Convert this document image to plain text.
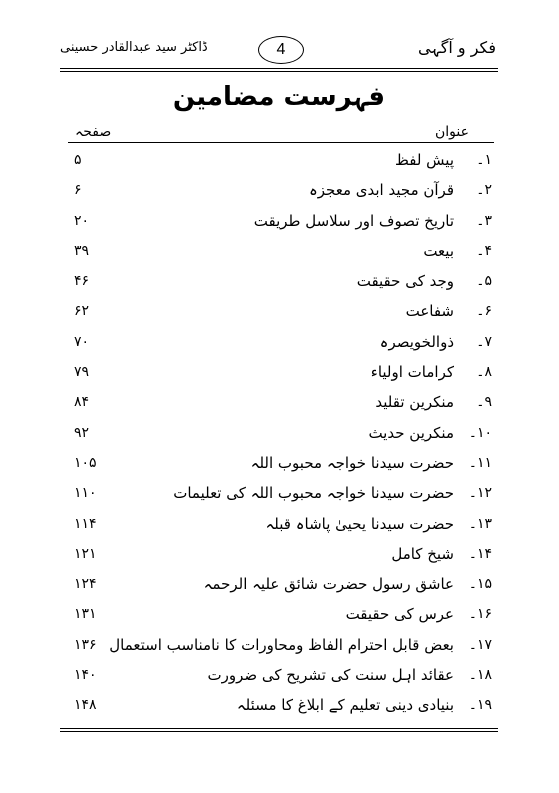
فکر و آگہی
4
ڈاکٹر سید عبدالقادر حسینی
فہرست مضامین
عنوان
صفحہ
۱۔
پیش لفظ
۵
۲۔
قرآن مجید ابدی معجزہ
۶
۳۔
تاریخ تصوف اور سلاسل طریقت
۲۰
۴۔
بیعت
۳۹
۵۔
وجد کی حقیقت
۴۶
۶۔
شفاعت
۶۲
۷۔
ذوالخویصرہ
۷۰
۸۔
کرامات اولیاء
۷۹
۹۔
منکرین تقلید
۸۴
۱۰۔
منکرین حدیث
۹۲
۱۱۔
حضرت سیدنا خواجہ محبوب اللہ
۱۰۵
۱۲۔
حضرت سیدنا خواجہ محبوب اللہ کی تعلیمات
۱۱۰
۱۳۔
حضرت سیدنا یحییٰ پاشاہ قبلہ
۱۱۴
۱۴۔
شیخ کامل
۱۲۱
۱۵۔
عاشق رسول حضرت شائق علیہ الرحمہ
۱۲۴
۱۶۔
عرس کی حقیقت
۱۳۱
۱۷۔
بعض قابل احترام الفاظ ومحاورات کا نامناسب استعمال
۱۳۶
۱۸۔
عقائد اہل سنت کی تشریح کی ضرورت
۱۴۰
۱۹۔
بنیادی دینی تعلیم کے ابلاغ کا مسئلہ
۱۴۸
